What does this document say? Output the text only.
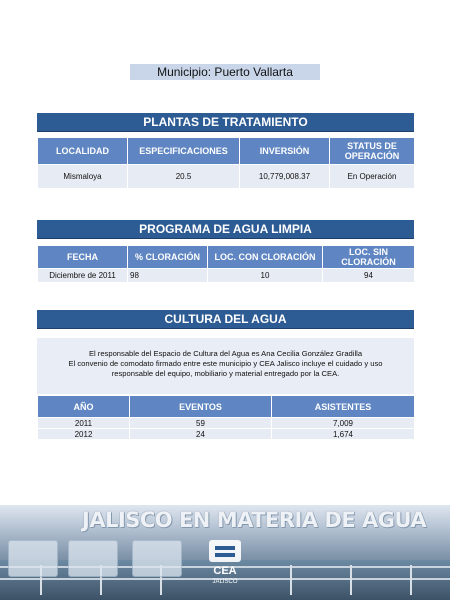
Municipio: Puerto Vallarta
PLANTAS DE TRATAMIENTO
LOCALIDAD	ESPECIFICACIONES	INVERSIÓN	STATUS DE OPERACIÓN
Mismaloya	20.5	10,779,008.37	En Operación
PROGRAMA DE AGUA LIMPIA
FECHA	% CLORACIÓN	LOC. CON CLORACIÓN	LOC. SIN CLORACIÓN
Diciembre de 2011	98	10	94
CULTURA DEL AGUA

El responsable del Espacio de Cultura del Agua es Ana Cecilia González Gradilla

El convenio de comodato firmado entre este municipio y CEA Jalisco incluye el cuidado y uso responsable del equipo, mobiliario y material entregado por la CEA.

AÑO	EVENTOS	ASISTENTES
2011	59	7,009
2012	24	1,674
JALISCO EN MATERIA DE AGUA
CEA
JALISCO
